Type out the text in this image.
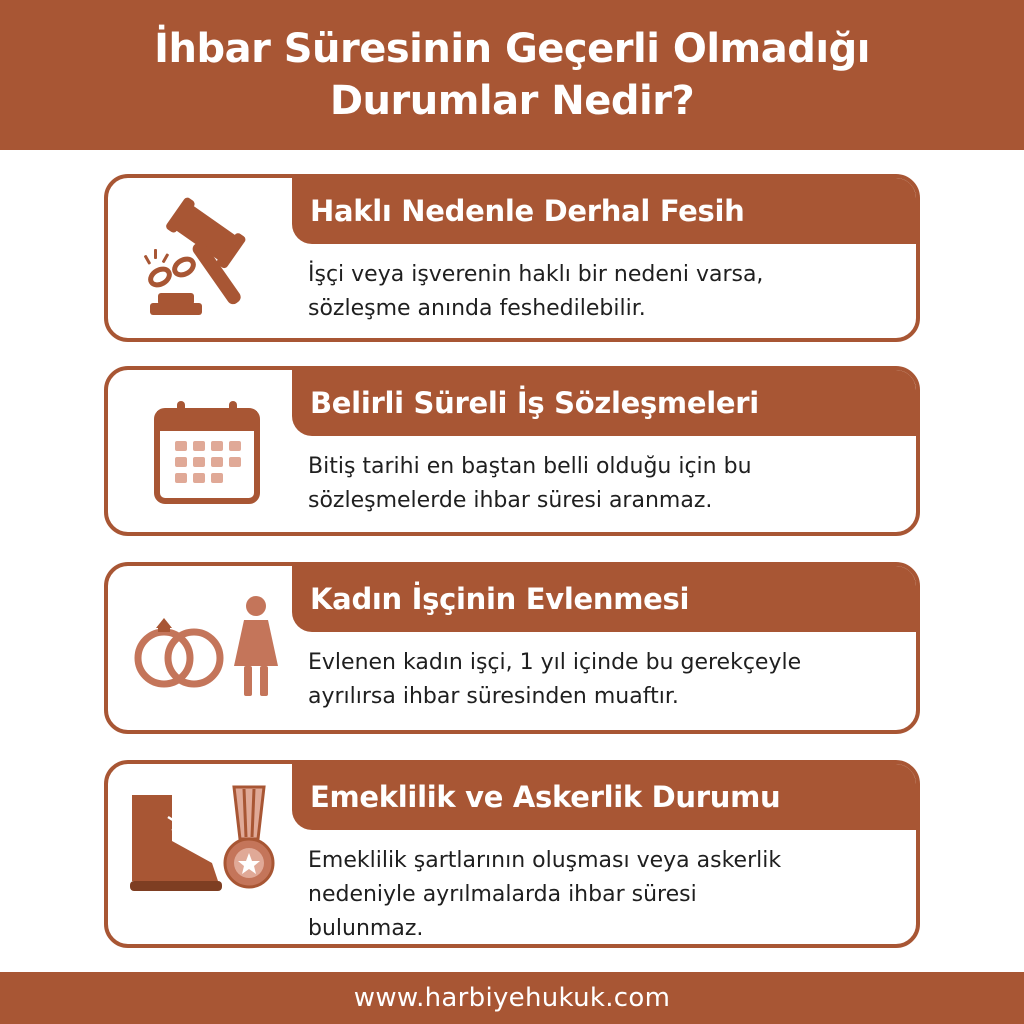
İhbar Süresinin Geçerli Olmadığı
Durumlar Nedir?
Haklı Nedenle Derhal Fesih
İşçi veya işverenin haklı bir nedeni varsa,
sözleşme anında feshedilebilir.
Belirli Süreli İş Sözleşmeleri
Bitiş tarihi en baştan belli olduğu için bu
sözleşmelerde ihbar süresi aranmaz.
Kadın İşçinin Evlenmesi
Evlenen kadın işçi, 1 yıl içinde bu gerekçeyle
ayrılırsa ihbar süresinden muaftır.
Emeklilik ve Askerlik Durumu
Emeklilik şartlarının oluşması veya askerlik
nedeniyle ayrılmalarda ihbar süresi
bulunmaz.
www.harbiyehukuk.com
